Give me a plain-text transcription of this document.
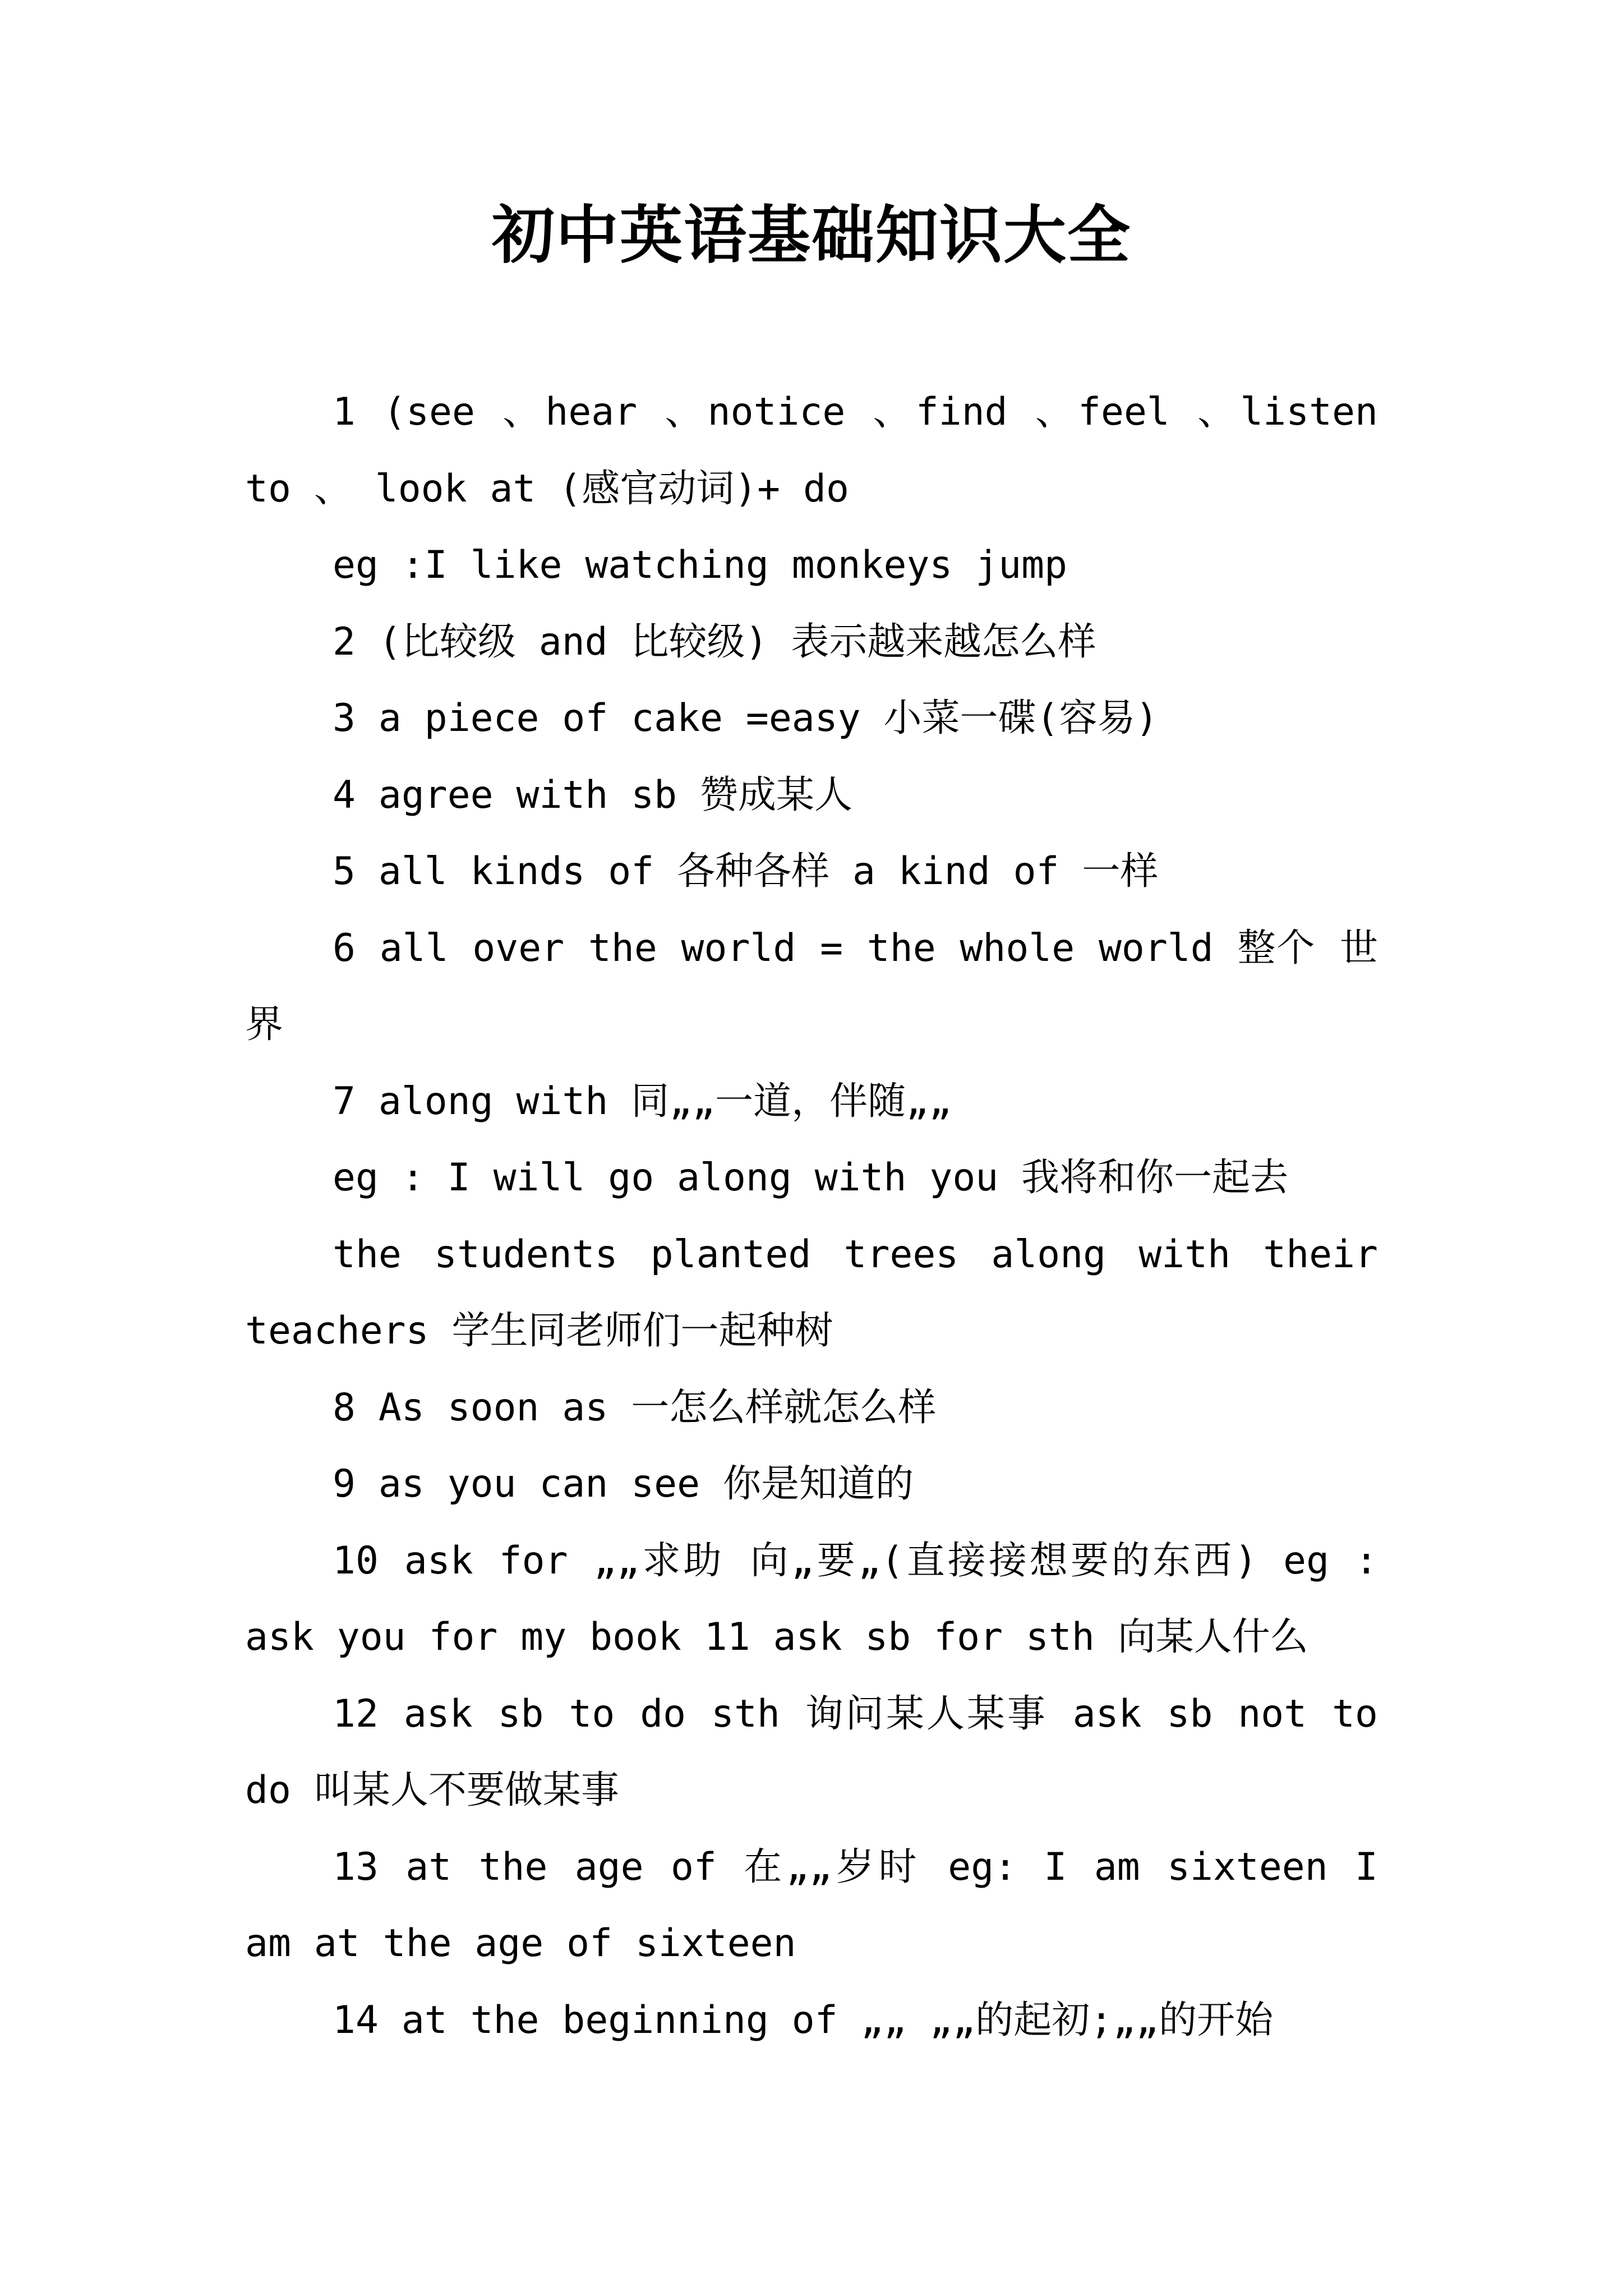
初中英语基础知识大全

1 (see 、hear 、notice 、find 、feel 、listen to 、 look at (感官动词)+ do

eg :I like watching monkeys jump

2 (比较级 and 比较级) 表示越来越怎么样

3 a piece of cake =easy 小菜一碟(容易)

4 agree with sb 赞成某人

5 all kinds of 各种各样 a kind of 一样

6 all over the world = the whole world 整个 世界

7 along with 同„„一道，伴随„„

eg : I will go along with you 我将和你一起去

the students planted trees along with their teachers 学生同老师们一起种树

8 As soon as 一怎么样就怎么样

9 as you can see 你是知道的

10 ask for „„求助 向„要„(直接接想要的东西) eg : ask you for my book 11 ask sb for sth 向某人什么

12 ask sb to do sth 询问某人某事 ask sb not to do 叫某人不要做某事

13 at the age of 在„„岁时 eg: I am sixteen I am at the age of sixteen

14 at the beginning of „„ „„的起初;„„的开始
